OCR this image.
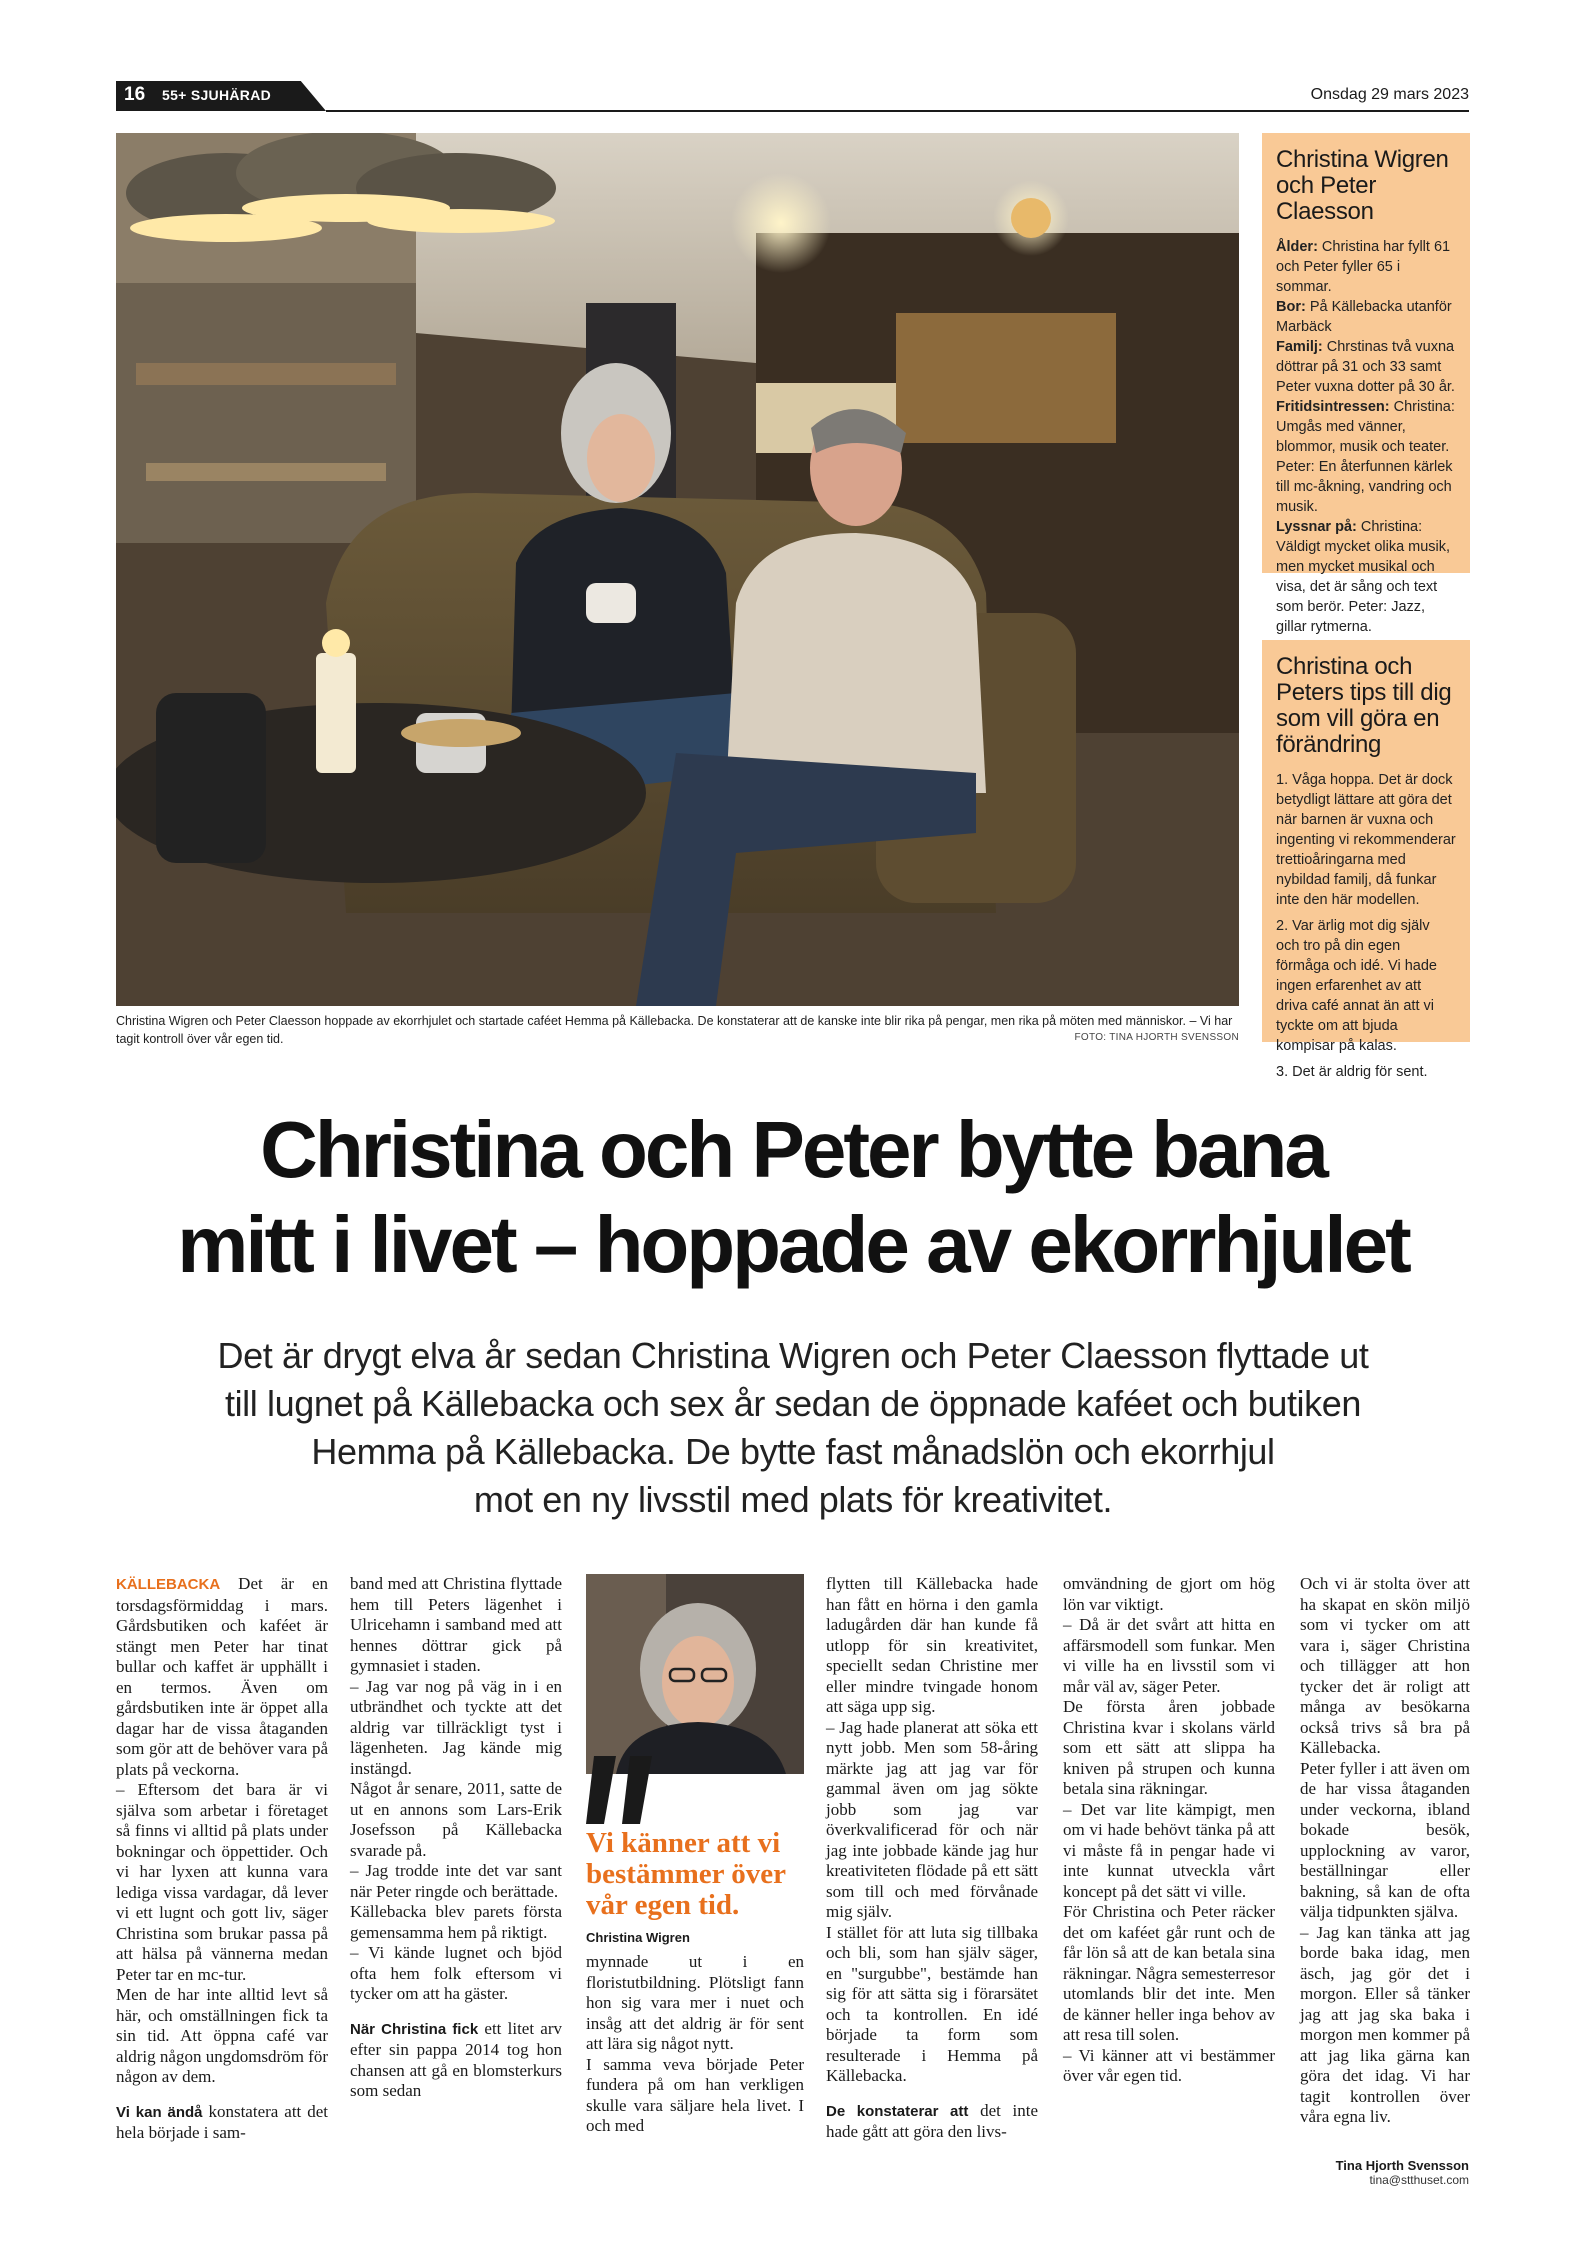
16 55+ SJUHÄRAD	Onsdag 29 mars 2023
Christina Wigren och Peter Claesson hoppade av ekorrhjulet och startade caféet Hemma på Källebacka. De konstaterar att de kanske inte blir rika på pengar, men rika på möten med människor. – Vi har tagit kontroll över vår egen tid.	FOTO: TINA HJORTH SVENSSON
Christina Wigren och Peter Claesson
Ålder: Christina har fyllt 61 och Peter fyller 65 i sommar.
Bor: På Källebacka utanför Marbäck
Familj: Chrstinas två vuxna döttrar på 31 och 33 samt Peter vuxna dotter på 30 år.
Fritidsintressen: Christina: Umgås med vänner, blommor, musik och teater. Peter: En återfunnen kärlek till mc-åkning, vandring och musik.
Lyssnar på: Christina: Väldigt mycket olika musik, men mycket musikal och visa, det är sång och text som berör. Peter: Jazz, gillar rytmerna.
Christina och Peters tips till dig som vill göra en förändring
1. Våga hoppa. Det är dock betydligt lättare att göra det när barnen är vuxna och ingenting vi rekommenderar trettioåringarna med nybildad familj, då funkar inte den här modellen.
2. Var ärlig mot dig själv och tro på din egen förmåga och idé. Vi hade ingen erfarenhet av att driva café annat än att vi tyckte om att bjuda kompisar på kalas.
3. Det är aldrig för sent.
Christina och Peter bytte bana
mitt i livet – hoppade av ekorrhjulet
Det är drygt elva år sedan Christina Wigren och Peter Claesson flyttade ut
till lugnet på Källebacka och sex år sedan de öppnade kaféet och butiken
Hemma på Källebacka. De bytte fast månadslön och ekorrhjul
mot en ny livsstil med plats för kreativitet.

KÄLLEBACKA Det är en torsdagsförmiddag i mars. Gårdsbutiken och kaféet är stängt men Peter har tinat bullar och kaffet är upphällt i en termos. Även om gårdsbutiken inte är öppet alla dagar har de vissa åtaganden som gör att de behöver vara på plats på veckorna.

– Eftersom det bara är vi själva som arbetar i företaget så finns vi alltid på plats under bokningar och öppettider. Och vi har lyxen att kunna vara lediga vissa vardagar, då lever vi ett lugnt och gott liv, säger Christina som brukar passa på att hälsa på vännerna medan Peter tar en mc-tur.

Men de har inte alltid levt så här, och omställningen fick ta sin tid. Att öppna café var aldrig någon ungdomsdröm för någon av dem.

Vi kan ändå konstatera att det hela började i sam-

band med att Christina flyttade hem till Peters lägenhet i Ulricehamn i samband med att hennes döttrar gick på gymnasiet i staden.

– Jag var nog på väg in i en utbrändhet och tyckte att det aldrig var tillräckligt tyst i lägenheten. Jag kände mig instängd.

Något år senare, 2011, satte de ut en annons som Lars-Erik Josefsson på Källebacka svarade på.

– Jag trodde inte det var sant när Peter ringde och berättade.

Källebacka blev parets första gemensamma hem på riktigt.

– Vi kände lugnet och bjöd ofta hem folk eftersom vi tycker om att ha gäster.

När Christina fick ett litet arv efter sin pappa 2014 tog hon chansen att gå en blomsterkurs som sedan

Vi känner att vi bestämmer över vår egen tid.
Christina Wigren

mynnade ut i en floristutbildning. Plötsligt fann hon sig vara mer i nuet och insåg att det aldrig är för sent att lära sig något nytt.

I samma veva började Peter fundera på om han verkligen skulle vara säljare hela livet. I och med

flytten till Källebacka hade han fått en hörna i den gamla ladugården där han kunde få utlopp för sin kreativitet, speciellt sedan Christine mer eller mindre tvingade honom att säga upp sig.

– Jag hade planerat att söka ett nytt jobb. Men som 58-åring märkte jag att jag var för gammal även om jag sökte jobb som jag var överkvalificerad för och när jag inte jobbade kände jag hur kreativiteten flödade på ett sätt som till och med förvånade mig själv.

I stället för att luta sig tillbaka och bli, som han själv säger, en "surgubbe", bestämde han sig för att sätta sig i förarsätet och ta kontrollen. En idé började ta form som resulterade i Hemma på Källebacka.

De konstaterar att det inte hade gått att göra den livs-

omvändning de gjort om hög lön var viktigt.

– Då är det svårt att hitta en affärsmodell som funkar. Men vi ville ha en livsstil som vi mår väl av, säger Peter.

De första åren jobbade Christina kvar i skolans värld som ett sätt att slippa ha kniven på strupen och kunna betala sina räkningar.

– Det var lite kämpigt, men om vi hade behövt tänka på att vi måste få in pengar hade vi inte kunnat utveckla vårt koncept på det sätt vi ville.

För Christina och Peter räcker det om kaféet går runt och de får lön så att de kan betala sina räkningar. Några semesterresor utomlands blir det inte. Men de känner heller inga behov av att resa till solen.

– Vi känner att vi bestämmer över vår egen tid.

Och vi är stolta över att ha skapat en skön miljö som vi tycker om att vara i, säger Christina och tillägger att hon tycker det är roligt att många av besökarna också trivs så bra på Källebacka.

Peter fyller i att även om de har vissa åtaganden under veckorna, ibland bokade besök, upplockning av varor, beställningar eller bakning, så kan de ofta välja tidpunkten själva.

– Jag kan tänka att jag borde baka idag, men äsch, jag gör det i morgon. Eller så tänker jag att jag ska baka i morgon men kommer på att jag lika gärna kan göra det idag. Vi har tagit kontrollen över våra egna liv.

Tina Hjorth Svensson
tina@stthuset.com
